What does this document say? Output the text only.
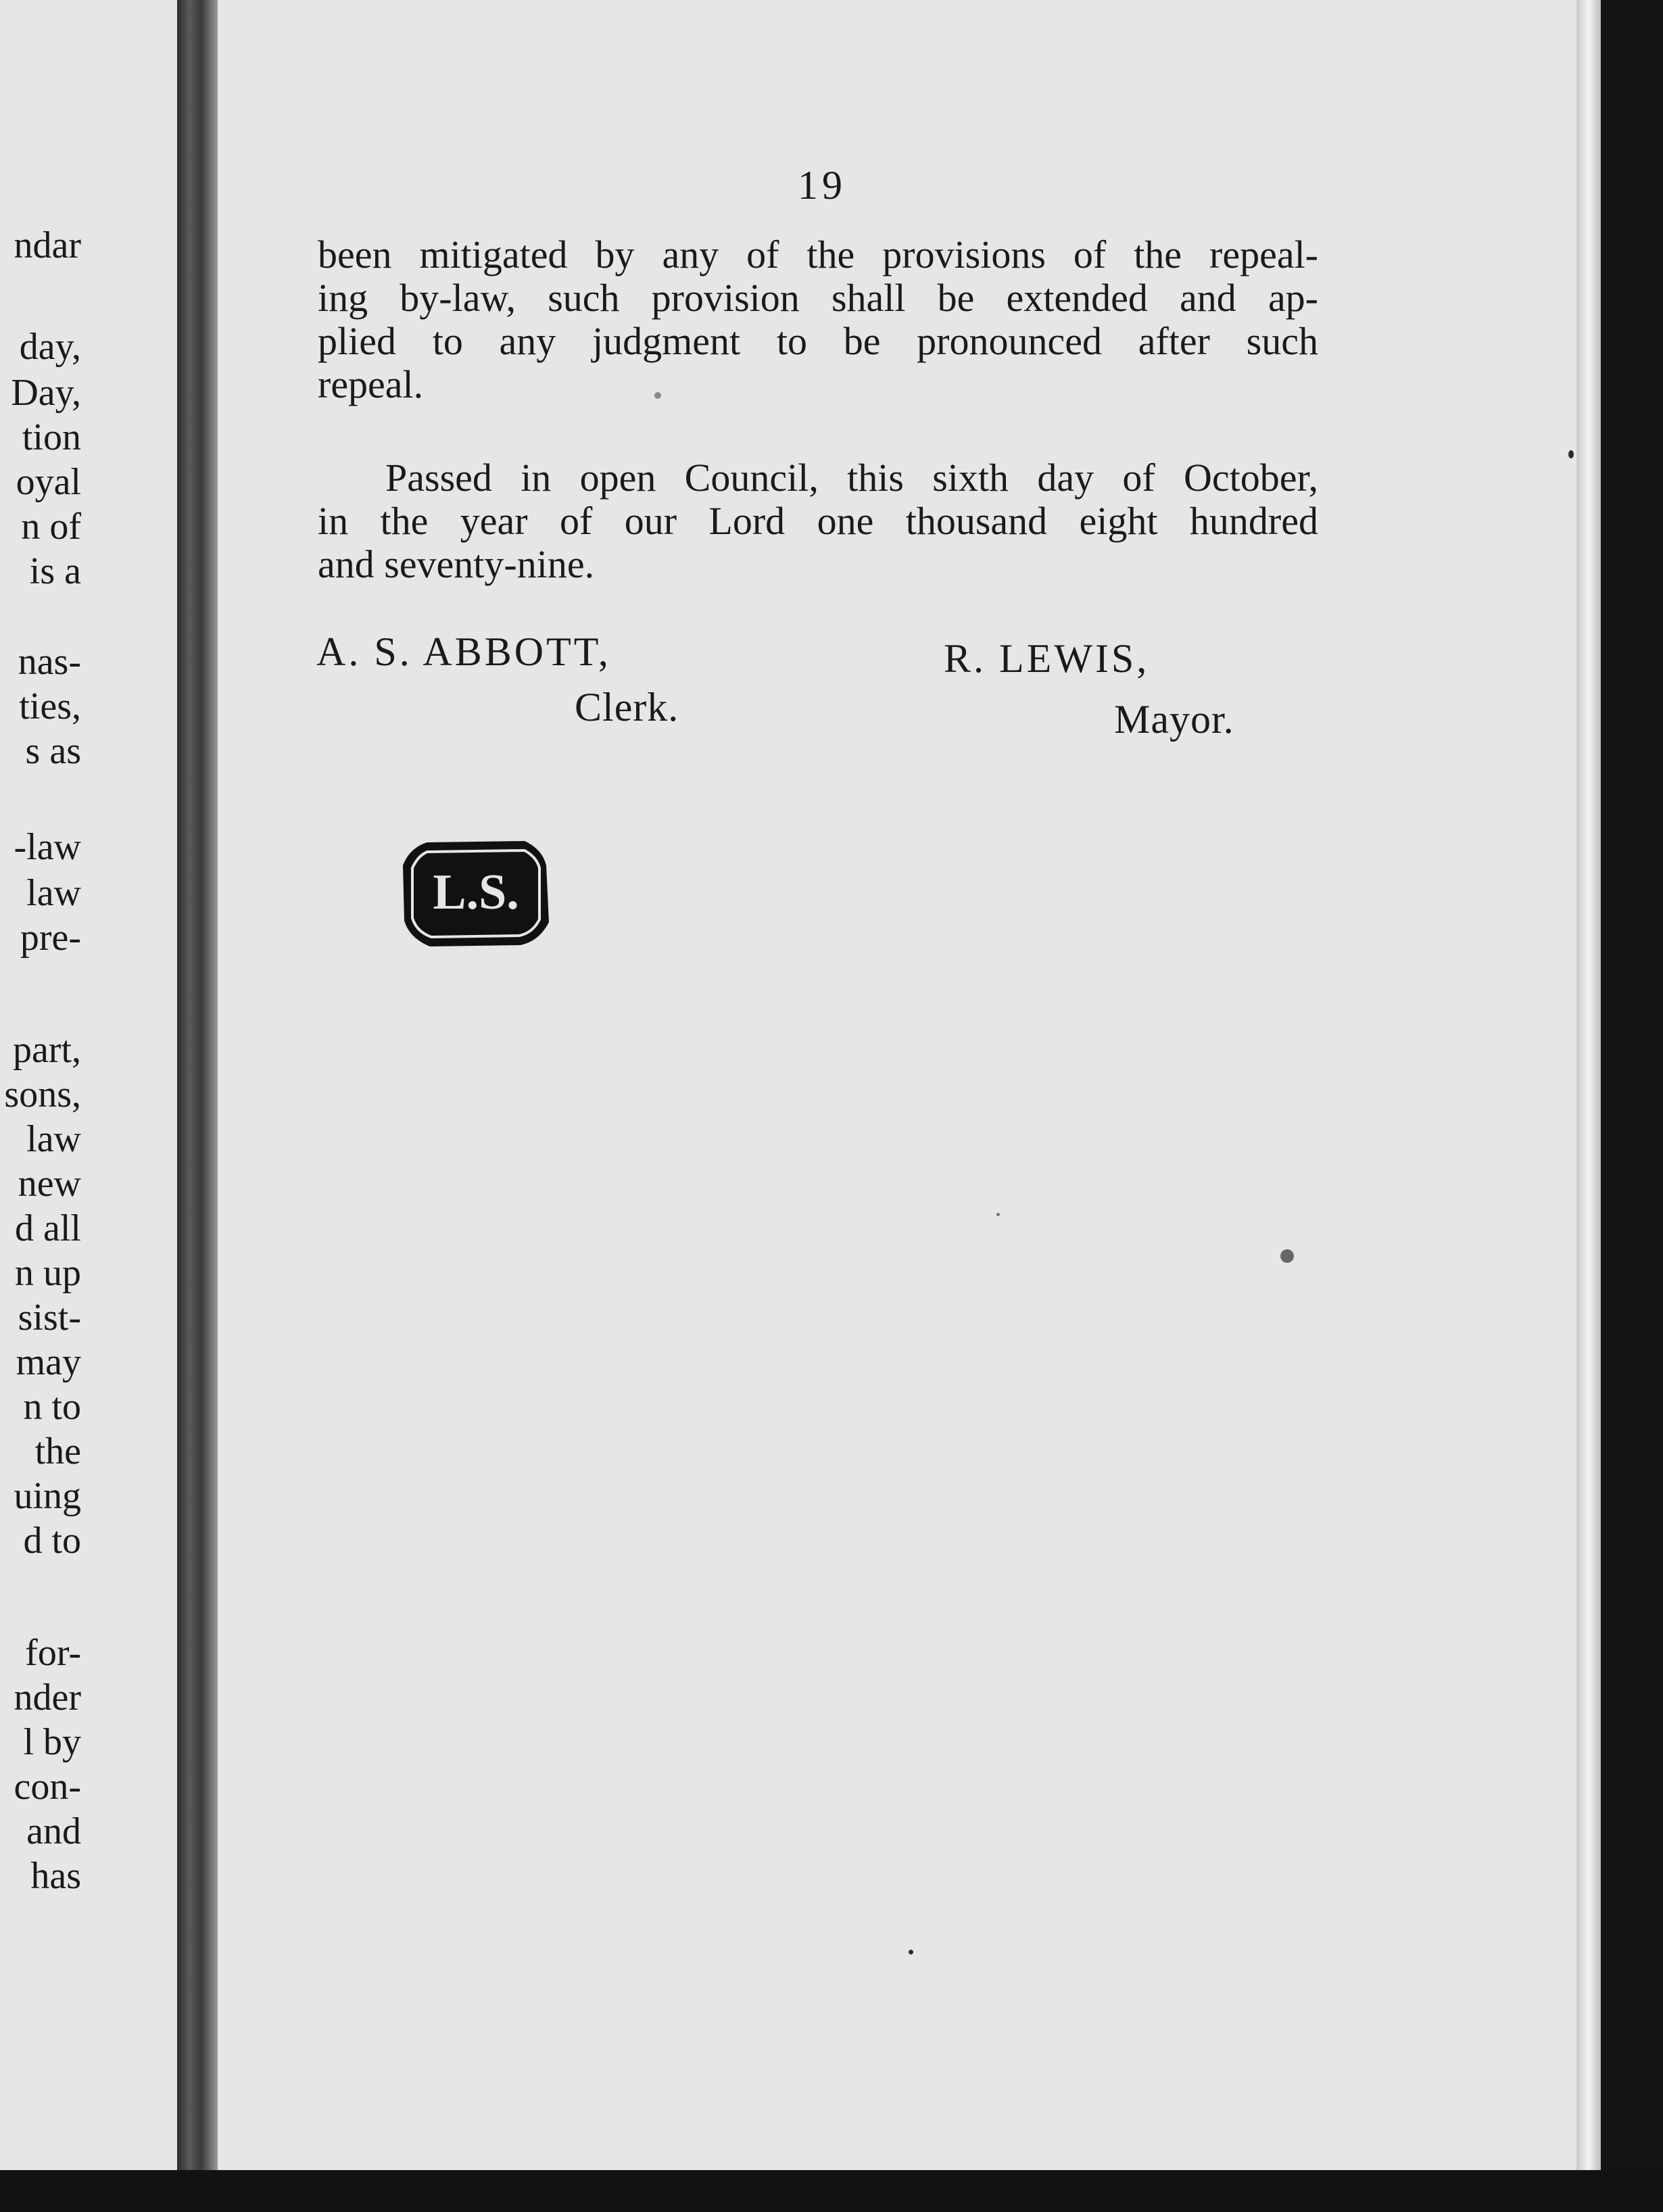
ndar
day,
Day,
tion
oyal
n of
is a
nas-
ties,
s as
-law
law
pre-
part,
sons,
law
new
d all
n up
sist-
may
n to
the
uing
d to
for-
nder
l by
con-
and
has
19
been mitigated by any of the provisions of the repeal-
ing by-law, such provision shall be extended and ap-
plied to any judgment to be pronounced after such
repeal.
Passed in open Council, this sixth day of October,
in the year of our Lord one thousand eight hundred
and seventy-nine.
A. S. ABBOTT,
Clerk.
R. LEWIS,
Mayor.
L.S.
